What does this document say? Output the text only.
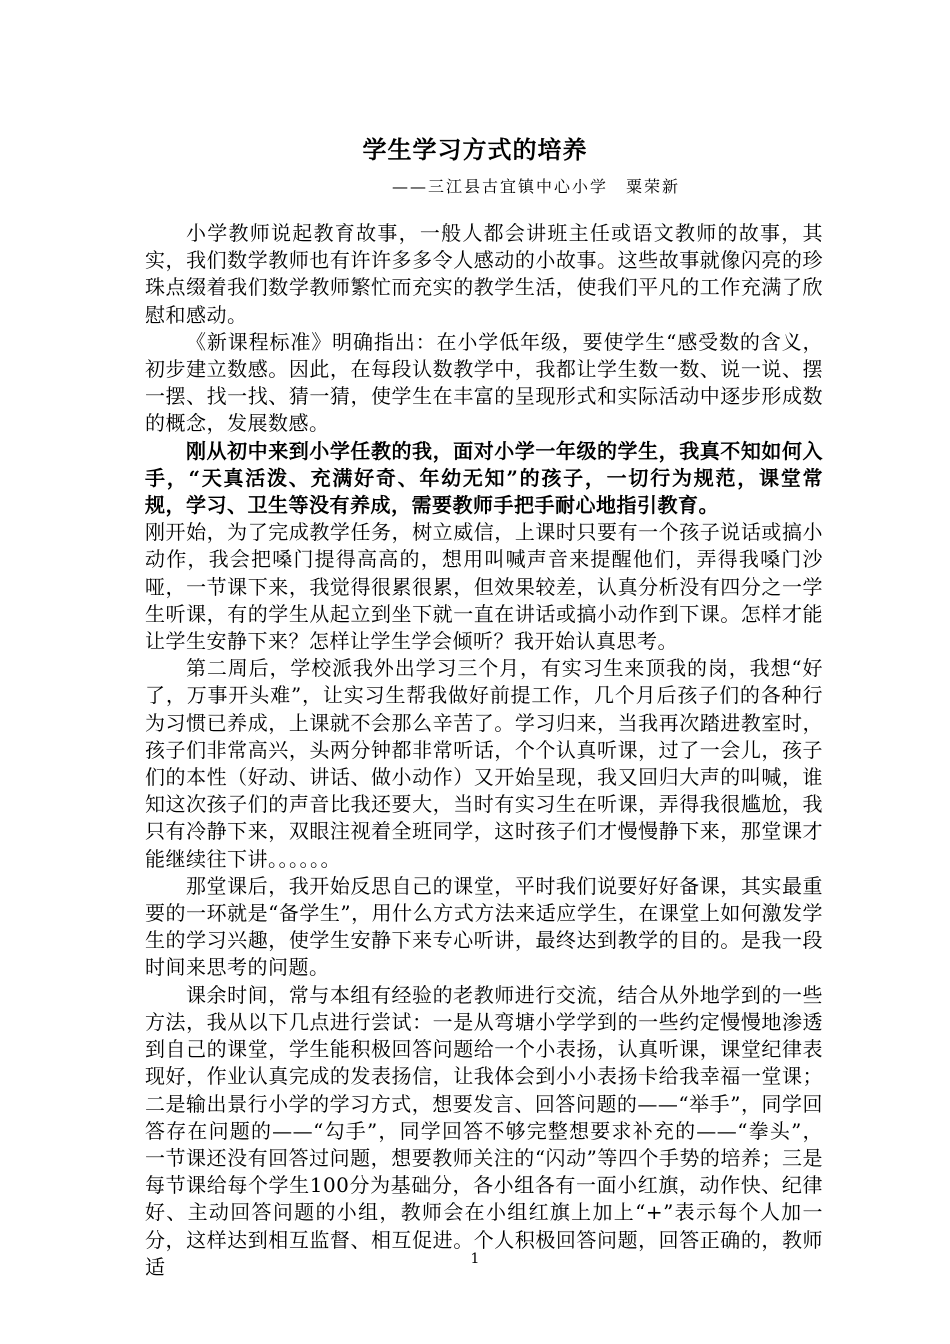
学生学习方式的培养
——三江县古宜镇中心小学　粟荣新

小学教师说起教育故事，一般人都会讲班主任或语文教师的故事，其实，我们数学教师也有许许多多令人感动的小故事。这些故事就像闪亮的珍珠点缀着我们数学教师繁忙而充实的教学生活，使我们平凡的工作充满了欣慰和感动。

《新课程标准》明确指出：在小学低年级，要使学生“感受数的含义，初步建立数感。因此，在每段认数教学中，我都让学生数一数、说一说、摆一摆、找一找、猜一猜，使学生在丰富的呈现形式和实际活动中逐步形成数的概念，发展数感。

刚从初中来到小学任教的我，面对小学一年级的学生，我真不知如何入手，“天真活泼、充满好奇、年幼无知”的孩子，一切行为规范，课堂常规，学习、卫生等没有养成，需要教师手把手耐心地指引教育。

刚开始，为了完成教学任务，树立威信，上课时只要有一个孩子说话或搞小动作，我会把嗓门提得高高的，想用叫喊声音来提醒他们，弄得我嗓门沙哑，一节课下来，我觉得很累很累，但效果较差，认真分析没有四分之一学生听课，有的学生从起立到坐下就一直在讲话或搞小动作到下课。怎样才能让学生安静下来？怎样让学生学会倾听？我开始认真思考。

第二周后，学校派我外出学习三个月，有实习生来顶我的岗，我想“好了，万事开头难”，让实习生帮我做好前提工作，几个月后孩子们的各种行为习惯已养成，上课就不会那么辛苦了。学习归来，当我再次踏进教室时，孩子们非常高兴，头两分钟都非常听话，个个认真听课，过了一会儿，孩子们的本性（好动、讲话、做小动作）又开始呈现，我又回归大声的叫喊，谁知这次孩子们的声音比我还要大，当时有实习生在听课，弄得我很尴尬，我只有冷静下来，双眼注视着全班同学，这时孩子们才慢慢静下来，那堂课才能继续往下讲。。。。。。

那堂课后，我开始反思自己的课堂，平时我们说要好好备课，其实最重要的一环就是“备学生”，用什么方式方法来适应学生，在课堂上如何激发学生的学习兴趣，使学生安静下来专心听讲，最终达到教学的目的。是我一段时间来思考的问题。

课余时间，常与本组有经验的老教师进行交流，结合从外地学到的一些方法，我从以下几点进行尝试：一是从弯塘小学学到的一些约定慢慢地渗透到自己的课堂，学生能积极回答问题给一个小表扬，认真听课，课堂纪律表现好，作业认真完成的发表扬信，让我体会到小小表扬卡给我幸福一堂课；二是输出景行小学的学习方式，想要发言、回答问题的——“举手”，同学回答存在问题的——“勾手”，同学回答不够完整想要求补充的——“拳头”，一节课还没有回答过问题，想要教师关注的“闪动”等四个手势的培养；三是每节课给每个学生100分为基础分，各小组各有一面小红旗，动作快、纪律好、主动回答问题的小组，教师会在小组红旗上加上“+”表示每个人加一分，这样达到相互监督、相互促进。个人积极回答问题，回答正确的，教师适	1
